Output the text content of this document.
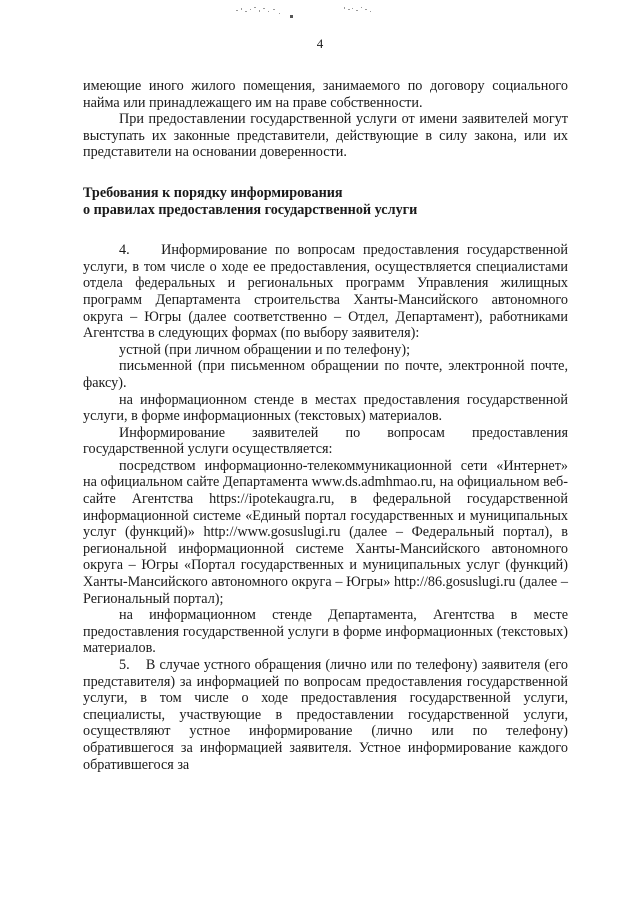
4

имеющие иного жилого помещения, занимаемого по договору социального найма или принадлежащего им на праве собственности.

При предоставлении государственной услуги от имени заявителей могут выступать их законные представители, действующие в силу закона, или их представители на основании доверенности.

Требования к порядку информирования

о правилах предоставления государственной услуги

4.    Информирование по вопросам предоставления государственной услуги, в том числе о ходе ее предоставления, осуществляется специалистами отдела федеральных и региональных программ Управления жилищных программ Департамента строительства Ханты-Мансийского автономного округа – Югры (далее соответственно – Отдел, Департамент), работниками Агентства в следующих формах (по выбору заявителя):

устной (при личном обращении и по телефону);

письменной (при письменном обращении по почте, электронной почте, факсу).

на информационном стенде в местах предоставления государственной услуги, в форме информационных (текстовых) материалов.

Информирование заявителей по вопросам предоставления государственной услуги осуществляется:

посредством информационно-телекоммуникационной сети «Интернет» на официальном сайте Департамента www.ds.admhmao.ru, на официальном веб-сайте Агентства https://ipotekaugra.ru, в федеральной государственной информационной системе «Единый портал государственных и муниципальных услуг (функций)» http://www.gosuslugi.ru (далее – Федеральный портал), в региональной информационной системе Ханты-Мансийского автономного округа – Югры «Портал государственных и муниципальных услуг (функций) Ханты-Мансийского автономного округа – Югры» http://86.gosuslugi.ru (далее – Региональный портал);

на информационном стенде Департамента, Агентства в месте предоставления государственной услуги в форме информационных (текстовых) материалов.

5.    В случае устного обращения (лично или по телефону) заявителя (его представителя) за информацией по вопросам предоставления государственной услуги, в том числе о ходе предоставления государственной услуги, специалисты, участвующие в предоставлении государственной услуги, осуществляют устное информирование (лично или по телефону) обратившегося за информацией заявителя. Устное информирование каждого обратившегося за
